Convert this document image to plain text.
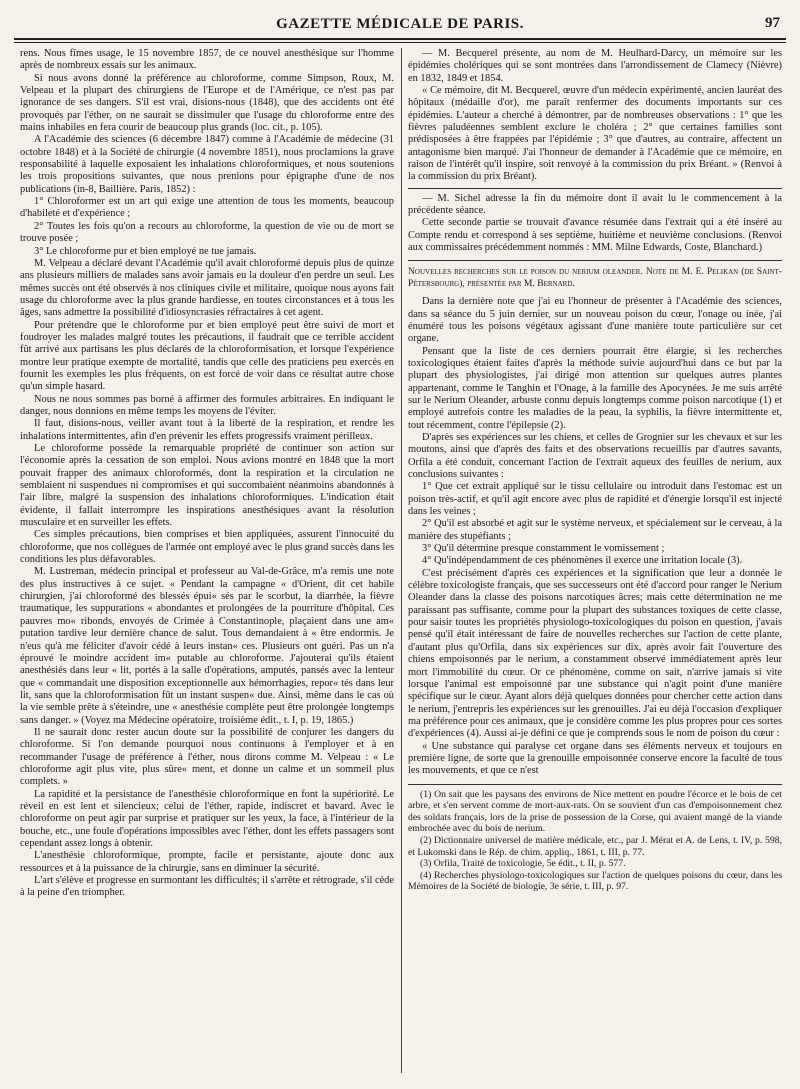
GAZETTE MÉDICALE DE PARIS.	97

rens. Nous fîmes usage, le 15 novembre 1857, de ce nouvel anesthésique sur l'homme après de nombreux essais sur les animaux.

Si nous avons donné la préférence au chloroforme, comme Simpson, Roux, M. Velpeau et la plupart des chirurgiens de l'Europe et de l'Amérique, ce n'est pas par ignorance de ses dangers. S'il est vrai, disions-nous (1848), que des accidents ont été provoqués par l'éther, on ne saurait se dissimuler que l'usage du chloroforme entre des mains inhabiles en fera courir de beaucoup plus grands (loc. cit., p. 105).

A l'Académie des sciences (6 décembre 1847) comme à l'Académie de médecine (31 octobre 1848) et à la Société de chirurgie (4 novembre 1851), nous proclamions la grave responsabilité à laquelle exposaient les inhalations chloroformiques, et nous soutenions les trois propositions suivantes, que nous prenions pour épigraphe d'une de nos publications (in-8, Baillière. Paris, 1852) :

1° Chloroformer est un art qui exige une attention de tous les moments, beaucoup d'habileté et d'expérience ;

2° Toutes les fois qu'on a recours au chloroforme, la question de vie ou de mort se trouve posée ;

3° Le chloroforme pur et bien employé ne tue jamais.

M. Velpeau a déclaré devant l'Académie qu'il avait chloroformé depuis plus de quinze ans plusieurs milliers de malades sans avoir jamais eu la douleur d'en perdre un seul. Les mêmes succès ont été observés à nos cliniques civile et militaire, quoique nous ayons fait usage du chloroforme avec la plus grande hardiesse, en toutes circonstances et à tous les âges, sans admettre la possibilité d'idiosyncrasies réfractaires à cet agent.

Pour prétendre que le chloroforme pur et bien employé peut être suivi de mort et foudroyer les malades malgré toutes les précautions, il faudrait que ce terrible accident fût arrivé aux partisans les plus déclarés de la chloroformisation, et lorsque l'expérience montre leur pratique exempte de mortalité, tandis que celle des praticiens peu exercés en fournit les exemples les plus fréquents, on est forcé de voir dans ce résultat autre chose qu'un simple hasard.

Nous ne nous sommes pas borné à affirmer des formules arbitraires. En indiquant le danger, nous donnions en même temps les moyens de l'éviter.

Il faut, disions-nous, veiller avant tout à la liberté de la respiration, et rendre les inhalations intermittentes, afin d'en prévenir les effets progressifs vraiment périlleux.

Le chloroforme possède la remarquable propriété de continuer son action sur l'économie après la cessation de son emploi. Nous avions montré en 1848 que la mort pouvait frapper des animaux chloroformés, dont la respiration et la circulation ne semblaient ni suspendues ni compromises et qui succombaient néanmoins abandonnés à l'air libre, malgré la suspension des inhalations chloroformiques. L'indication était évidente, il fallait interrompre les inspirations anesthésiques avant la résolution musculaire et en surveiller les effets.

Ces simples précautions, bien comprises et bien appliquées, assurent l'innocuité du chloroforme, que nos collègues de l'armée ont employé avec le plus grand succès dans les conditions les plus défavorables.

M. Lustreman, médecin principal et professeur au Val-de-Grâce, m'a remis une note des plus instructives à ce sujet. « Pendant la campagne « d'Orient, dit cet habile chirurgien, j'ai chloroformé des blessés épui« sés par le scorbut, la diarrhée, la fièvre traumatique, les suppurations « abondantes et prolongées de la pourriture d'hôpital. Ces pauvres mo« ribonds, envoyés de Crimée à Constantinople, plaçaient dans une am« putation tardive leur dernière chance de salut. Tous demandaient à « être endormis. Je n'eus qu'à me féliciter d'avoir cédé à leurs instan« ces. Plusieurs ont guéri. Pas un n'a éprouvé le moindre accident im« putable au chloroforme. J'ajouterai qu'ils étaient anesthésiés dans leur « lit, portés à la salle d'opérations, amputés, pansés avec la lenteur que « commandait une disposition exceptionnelle aux hémorrhagies, repor« tés dans leur lit, sans que la chloroformisation fût un instant suspen« due. Ainsi, même dans le cas où la vie semble prête à s'éteindre, une « anesthésie complète peut être prolongée longtemps sans danger. » (Voyez ma Médecine opératoire, troisième édit., t. I, p. 19, 1865.)

Il ne saurait donc rester aucun doute sur la possibilité de conjurer les dangers du chloroforme. Si l'on demande pourquoi nous continuons à l'employer et à en recommander l'usage de préférence à l'éther, nous dirons comme M. Velpeau : « Le chloroforme agit plus vite, plus sûre« ment, et donne un calme et un sommeil plus complets. »

La rapidité et la persistance de l'anesthésie chloroformique en font la supériorité. Le réveil en est lent et silencieux; celui de l'éther, rapide, indiscret et bavard. Avec le chloroforme on peut agir par surprise et pratiquer sur les yeux, la face, à l'intérieur de la bouche, etc., une foule d'opérations impossibles avec l'éther, dont les effets passagers sont cependant assez longs à obtenir.

L'anesthésie chloroformique, prompte, facile et persistante, ajoute donc aux ressources et à la puissance de la chirurgie, sans en diminuer la sécurité.

L'art s'élève et progresse en surmontant les difficultés; il s'arrête et rétrograde, s'il cède à la peine d'en triompher.

— M. Becquerel présente, au nom de M. Heulhard-Darcy, un mémoire sur les épidémies cholériques qui se sont montrées dans l'arrondissement de Clamecy (Nièvre) en 1832, 1849 et 1854.

« Ce mémoire, dit M. Becquerel, œuvre d'un médecin expérimenté, ancien lauréat des hôpitaux (médaille d'or), me paraît renfermer des documents importants sur ces épidémies. L'auteur a cherché à démontrer, par de nombreuses observations : 1° que les fièvres paludéennes semblent exclure le choléra ; 2° que certaines familles sont prédisposées à être frappées par l'épidémie ; 3° que d'autres, au contraire, affectent un antagonisme bien marqué. J'ai l'honneur de demander à l'Académie que ce mémoire, en raison de l'intérêt qu'il inspire, soit renvoyé à la commission du prix Bréant. » (Renvoi à la commission du prix Bréant).

— M. Sichel adresse la fin du mémoire dont il avait lu le commencement à la précédente séance.

Cette seconde partie se trouvait d'avance résumée dans l'extrait qui a été inséré au Compte rendu et correspond à ses septième, huitième et neuvième conclusions. (Renvoi aux commissaires précédemment nommés : MM. Milne Edwards, Coste, Blanchard.)

Nouvelles recherches sur le poison du nerium oleander. Note de M. E. Pelikan (de Saint-Pétersbourg), présentée par M. Bernard.

Dans la dernière note que j'ai eu l'honneur de présenter à l'Académie des sciences, dans sa séance du 5 juin dernier, sur un nouveau poison du cœur, l'onage ou inée, j'ai énuméré tous les poisons végétaux agissant d'une manière toute particulière sur cet organe.

Pensant que la liste de ces derniers pourrait être élargie, si les recherches toxicologiques étaient faites d'après la méthode suivie aujourd'hui dans ce but par la plupart des physiologistes, j'ai dirigé mon attention sur quelques autres plantes appartenant, comme le Tanghin et l'Onage, à la famille des Apocynées. Je me suis arrêté sur le Nerium Oleander, arbuste connu depuis longtemps comme poison narcotique (1) et employé autrefois contre les maladies de la peau, la syphilis, la fièvre intermittente et, tout récemment, contre l'épilepsie (2).

D'après ses expériences sur les chiens, et celles de Grognier sur les chevaux et sur les moutons, ainsi que d'après des faits et des observations recueillis par d'autres savants, Orfila a été conduit, concernant l'action de l'extrait aqueux des feuilles de nerium, aux conclusions suivantes :

1° Que cet extrait appliqué sur le tissu cellulaire ou introduit dans l'estomac est un poison très-actif, et qu'il agit encore avec plus de rapidité et d'énergie lorsqu'il est injecté dans les veines ;

2° Qu'il est absorbé et agit sur le système nerveux, et spécialement sur le cerveau, à la manière des stupéfiants ;

3° Qu'il détermine presque constamment le vomissement ;

4° Qu'indépendamment de ces phénomènes il exerce une irritation locale (3).

C'est précisément d'après ces expériences et la signification que leur a donnée le célèbre toxicologiste français, que ses successeurs ont été d'accord pour ranger le Nerium Oleander dans la classe des poisons narcotiques âcres; mais cette détermination ne me paraissant pas suffisante, comme pour la plupart des substances toxiques de cette classe, pour saisir toutes les propriétés physiologo-toxicologiques du poison en question, j'avais pensé qu'il était intéressant de faire de nouvelles recherches sur l'action de cette plante, d'autant plus qu'Orfila, dans six expériences sur dix, après avoir fait l'ouverture des chiens empoisonnés par le nerium, a constamment observé immédiatement après leur mort l'immobilité du cœur. Or ce phénomène, comme on sait, n'arrive jamais si vite lorsque l'animal est empoisonné par une substance qui n'agit point d'une manière spécifique sur le cœur. Ayant alors déjà quelques données pour chercher cette action dans le nerium, j'entrepris les expériences sur les grenouilles. J'ai eu déjà l'occasion d'expliquer ma préférence pour ces animaux, que je considère comme les plus propres pour ces sortes d'expériences (4). Aussi ai-je défini ce que je comprends sous le nom de poison du cœur :

« Une substance qui paralyse cet organe dans ses éléments nerveux et toujours en première ligne, de sorte que la grenouille empoisonnée conserve encore la faculté de tous les mouvements, et que ce n'est

(1) On sait que les paysans des environs de Nice mettent en poudre l'écorce et le bois de cet arbre, et s'en servent comme de mort-aux-rats. On se souvient d'un cas d'empoisonnement chez des soldats français, lors de la prise de possession de la Corse, qui avaient mangé de la viande embrochée avec du bois de nerium.

(2) Dictionnaire universel de matière médicale, etc., par J. Mérat et A. de Lens, t. IV, p. 598, et Lukomski dans le Rép. de chim. appliq., 1861, t. III, p. 77.

(3) Orfila, Traité de toxicologie, 5e édit., t. II, p. 577.

(4) Recherches physiologo-toxicologiques sur l'action de quelques poisons du cœur, dans les Mémoires de la Société de biologie, 3e série, t. III, p. 97.
